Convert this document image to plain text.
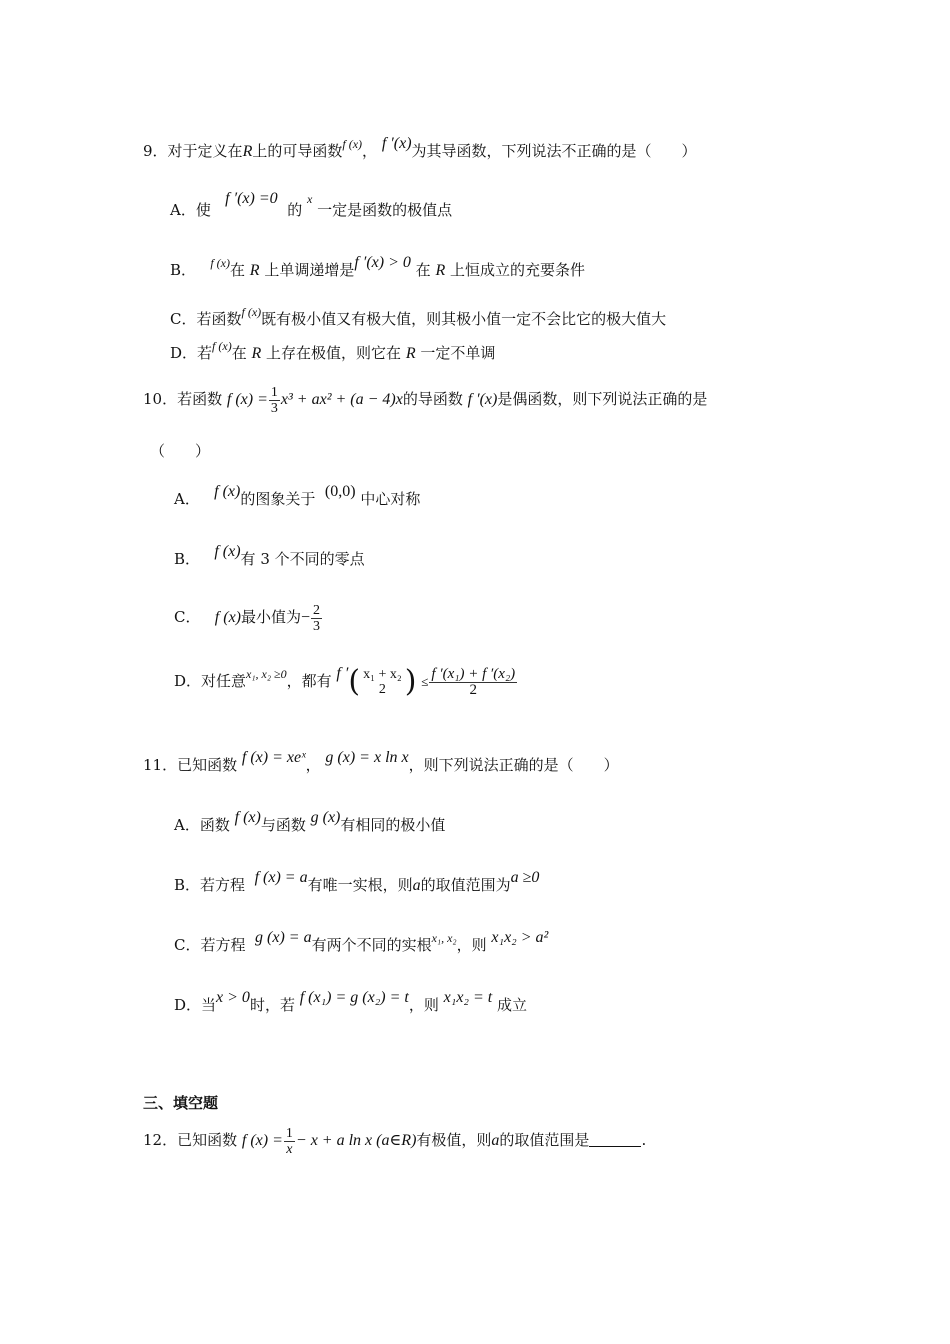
9．对于定义在R上的可导函数$^{f (x)}$， f ′(x)为其导函数，下列说法不正确的是（　　）
A．使   f ′(x) =0  的 $^x$ 一定是函数的极值点
B． $^{f (x)}$在 R 上单调递增是f ′(x) > 0 在 R 上恒成立的充要条件
C．若函数$^{f (x)}$既有极小值又有极大值，则其极小值一定不会比它的极大值大
D．若$^{f (x)}$在 R 上存在极值，则它在 R 一定不单调
10．若函数 f $(x) = \frac{1}{3} x^3 + ax^2 + (a - 4)x$的导函数 f ′(x)是偶函数，则下列说法正确的是
（　　）
A． f (x)的图象关于 (0,0) 中心对称
B． f (x)有 3 个不同的零点
C． f (x)最小值为− $\frac{2}{3}$
D．对任意$^{x_1, x_2 \ge 0}$，都有 f ′( x₁ + x₂
2 ) ≤ $\frac{\text{f ′(x₁) + f ′(x₂)}}{2}$
11．已知函数 f (x) = xeˣ， g (x) = x ln x，则下列说法正确的是（　　）
A．函数 f (x)与函数 g (x)有相同的极小值
B．若方程 f (x) = a有唯一实根，则a的取值范围为a ≥0
C．若方程 g (x) = a有两个不同的实根$^{x_1, x_2}$，则 x₁x₂ > a²
D．当x > 0时，若 f (x₁) = g (x₂) = t，则 x₁x₂ = t 成立
三、填空题
12．已知函数 f $(x) = \frac{1}{x} - x + a$ ln x (a∈R)有极值，则a的取值范围是	.
